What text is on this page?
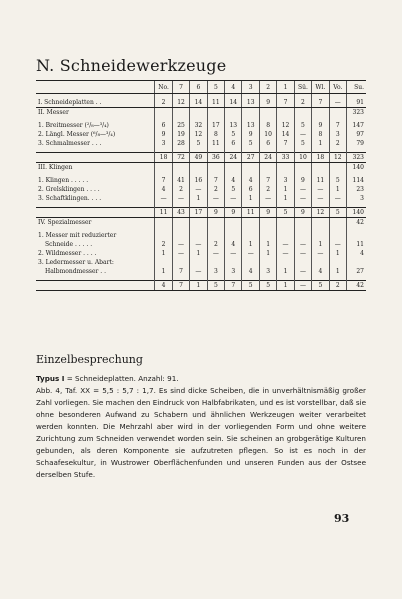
N. Schneidewerkzeuge
	No.	7	6	5	4	3	2	1	Sü.	Wl.	Vo.	Su.

I. Schneideplatten . .	2	12	14	11	14	13	9	7	2	7	—	91
II. Messer												323

1. Breitmesser (²/₈—³/₄)	6	25	32	17	13	13	8	12	5	9	7	147
2. Längl. Messer (⁶/₈—³/₄)	9	19	12	8	5	9	10	14	—	8	3	97
3. Schmalmesser . . .	3	28	5	11	6	5	6	7	5	1	2	79

	18	72	49	36	24	27	24	33	10	18	12	323
III. Klingen												140

1. Klingen . . . . .	7	41	16	7	4	4	7	3	9	11	5	114
2. Grelsklingen . . . .	4	2	—	2	5	6	2	1	—	—	1	23
3. Schaftklingen. . . .	—	—	1	—	—	1	—	1	—	—	—	3

	11	43	17	9	9	11	9	5	9	12	5	140
IV. Spezialmesser												42

1. Messer mit reduzierter												
Schneide . . . . .	2	—	—	2	4	1	1	—	—	1	—	11
2. Wildmesser . . . .	1	—	1	—	—	—	1	—	—	—	1	4
3. Ledermesser u. Abart:												
Halbmondmesser . .	1	7	—	3	3	4	3	1	—	4	1	27

	4	7	1	5	7	5	5	1	—	5	2	42
Einzelbesprechung

Typus I = Schneideplatten. Anzahl: 91.

Abb. 4, Taf. XX = 5,5 : 5,7 : 1,7. Es sind dicke Scheiben, die in unverhältnismäßig großer Zahl vorliegen. Sie machen den Eindruck von Halbfabrikaten, und es ist vorstellbar, daß sie ohne besonderen Aufwand zu Schabern und ähnlichen Werkzeugen weiter verarbeitet werden konnten. Die Mehrzahl aber wird in der vorliegenden Form und ohne weitere Zurichtung zum Schneiden verwendet worden sein. Sie scheinen an grobgerätige Kulturen gebunden, als deren Komponente sie aufzutreten pflegen. So ist es noch in der Schaafesekultur, in Wustrower Oberflächenfunden und unseren Funden aus der Ostsee derselben Stufe.

93
